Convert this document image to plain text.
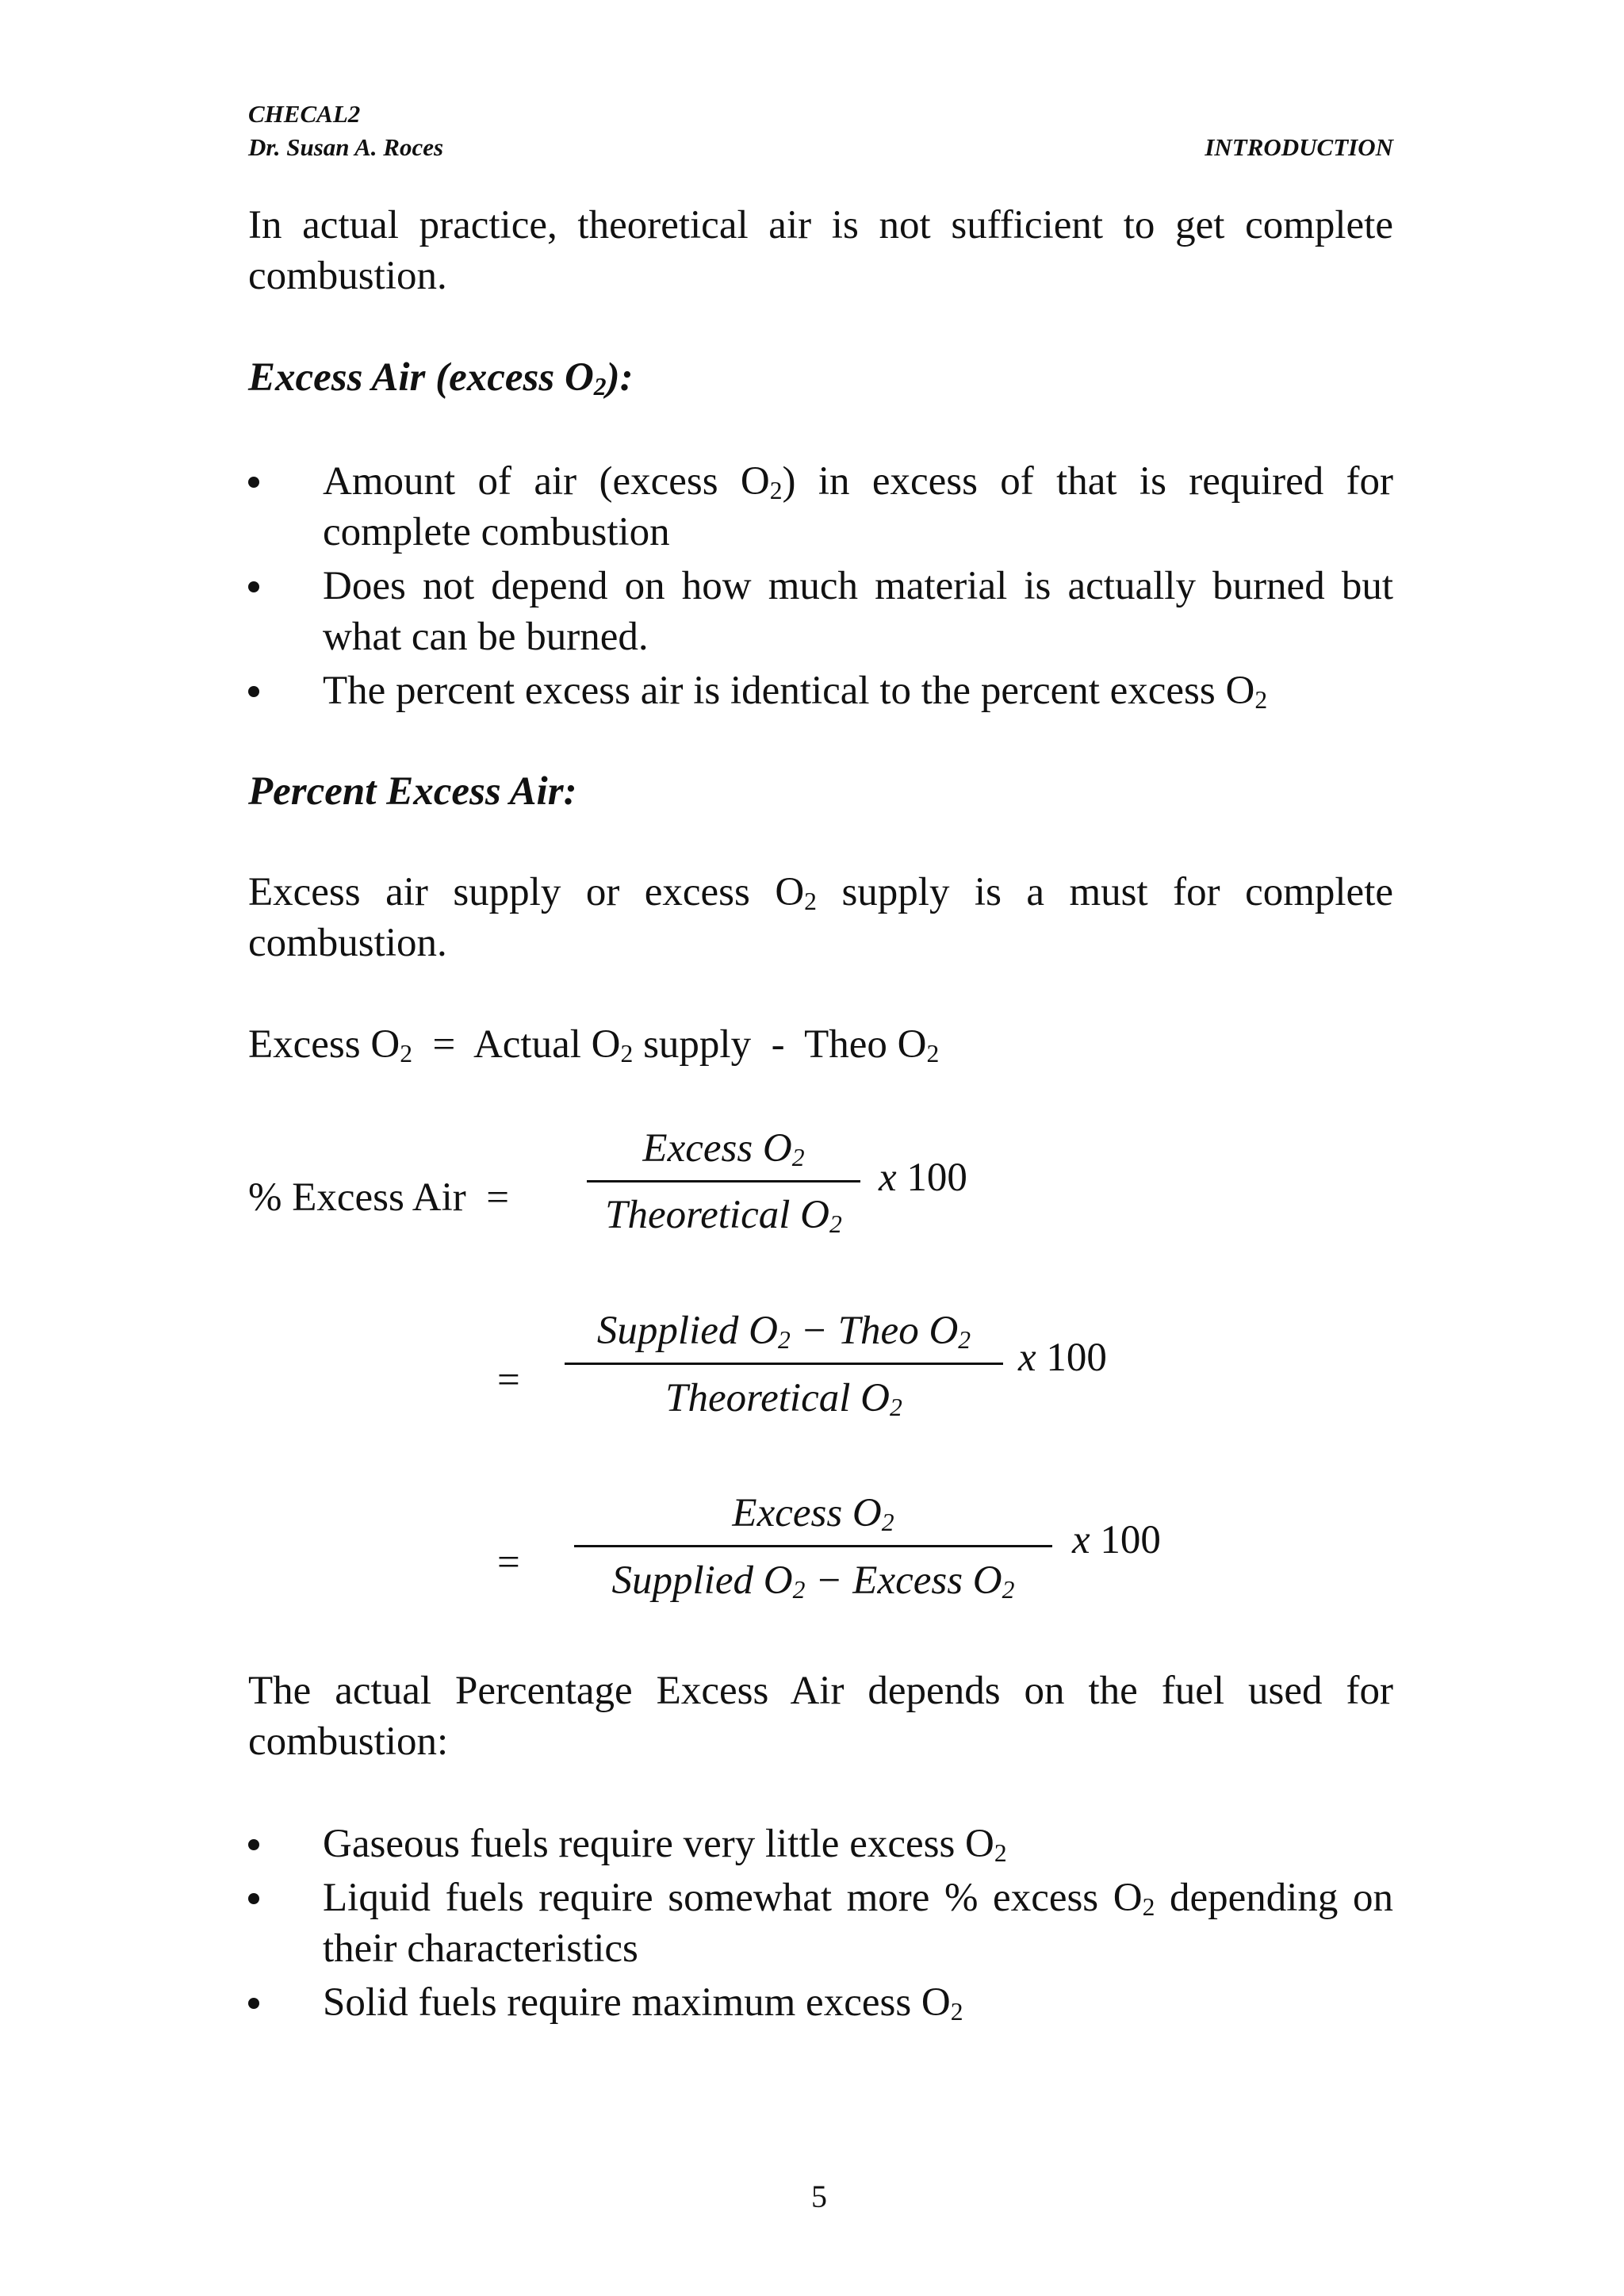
CHECAL2
Dr. Susan A. Roces	INTRODUCTION
In actual practice, theoretical air is not sufficient to get complete combustion.
Excess Air (excess $O_2$):
Amount of air (excess $O_2$) in excess of that is required for complete combustion
Does not depend on how much material is actually burned but what can be burned.
The percent excess air is identical to the percent excess $O_2$
Percent Excess Air:
Excess air supply or excess $O_2$ supply is a must for complete combustion.
Excess $O_2$  =  Actual $O_2$ supply  -  Theo $O_2$
% Excess Air  =
Excess $O_2$
Theoretical $O_2$
x 100
=
Supplied $O_2$ − Theo $O_2$
Theoretical $O_2$
x 100
=
Excess $O_2$
Supplied $O_2$ − Excess $O_2$
x 100
The actual Percentage Excess Air depends on the fuel used for combustion:
Gaseous fuels require very little excess $O_2$
Liquid fuels require somewhat more % excess $O_2$ depending on their characteristics
Solid fuels require maximum excess $O_2$
5
